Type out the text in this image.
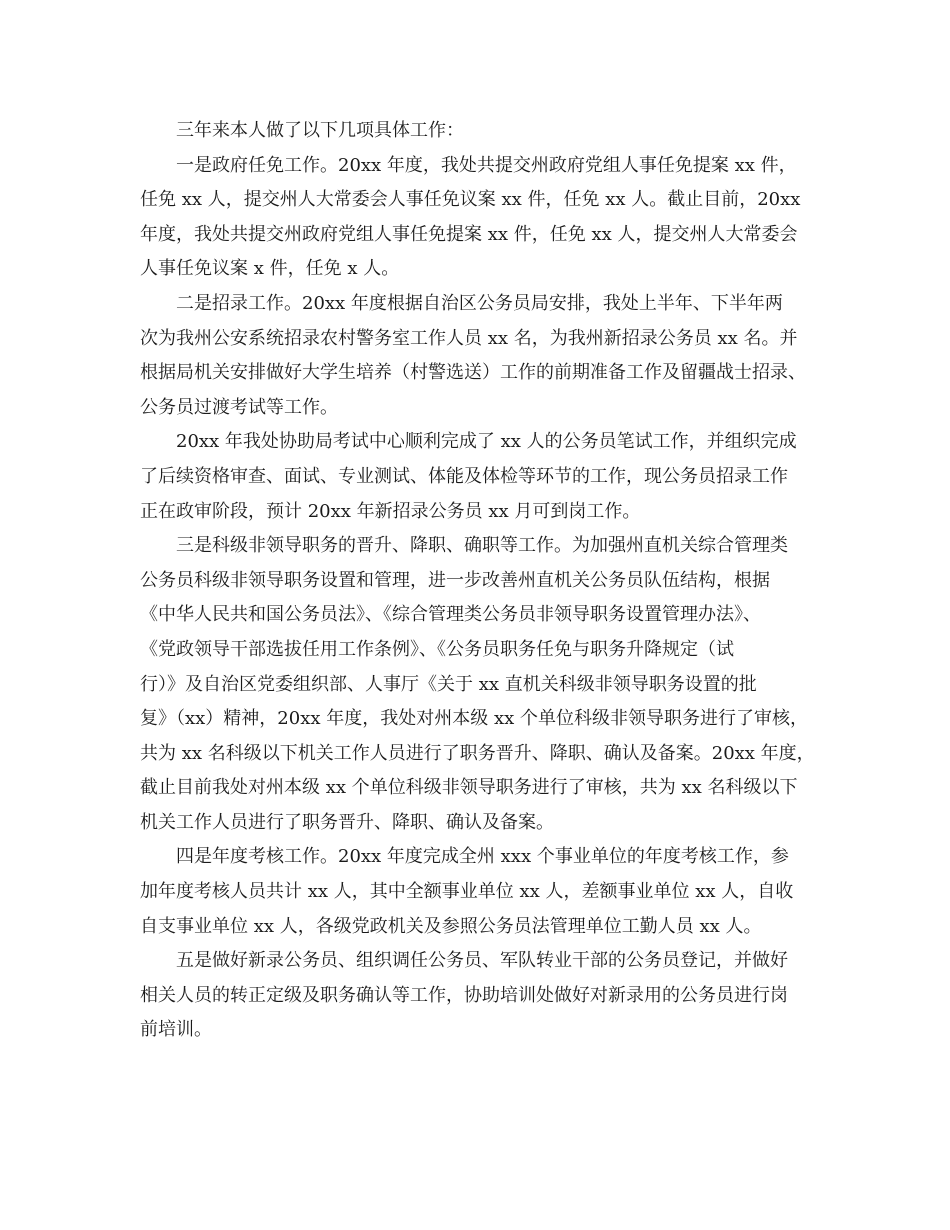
三年来本人做了以下几项具体工作：
一是政府任免工作。20xx 年度，我处共提交州政府党组人事任免提案 xx 件，
任免 xx 人，提交州人大常委会人事任免议案 xx 件，任免 xx 人。截止目前，20xx
年度，我处共提交州政府党组人事任免提案 xx 件，任免 xx 人，提交州人大常委会
人事任免议案 x 件，任免 x 人。
二是招录工作。20xx 年度根据自治区公务员局安排，我处上半年、下半年两
次为我州公安系统招录农村警务室工作人员 xx 名，为我州新招录公务员 xx 名。并
根据局机关安排做好大学生培养（村警选送）工作的前期准备工作及留疆战士招录、
公务员过渡考试等工作。
20xx 年我处协助局考试中心顺利完成了 xx 人的公务员笔试工作，并组织完成
了后续资格审查、面试、专业测试、体能及体检等环节的工作，现公务员招录工作
正在政审阶段，预计 20xx 年新招录公务员 xx 月可到岗工作。
三是科级非领导职务的晋升、降职、确职等工作。为加强州直机关综合管理类
公务员科级非领导职务设置和管理，进一步改善州直机关公务员队伍结构，根据
《中华人民共和国公务员法》、《综合管理类公务员非领导职务设置管理办法》、
《党政领导干部选拔任用工作条例》、《公务员职务任免与职务升降规定（试
行）》及自治区党委组织部、人事厅《关于 xx 直机关科级非领导职务设置的批
复》（xx）精神，20xx 年度，我处对州本级 xx 个单位科级非领导职务进行了审核，
共为 xx 名科级以下机关工作人员进行了职务晋升、降职、确认及备案。20xx 年度，
截止目前我处对州本级 xx 个单位科级非领导职务进行了审核，共为 xx 名科级以下
机关工作人员进行了职务晋升、降职、确认及备案。
四是年度考核工作。20xx 年度完成全州 xxx 个事业单位的年度考核工作，参
加年度考核人员共计 xx 人，其中全额事业单位 xx 人，差额事业单位 xx 人，自收
自支事业单位 xx 人，各级党政机关及参照公务员法管理单位工勤人员 xx 人。
五是做好新录公务员、组织调任公务员、军队转业干部的公务员登记，并做好
相关人员的转正定级及职务确认等工作，协助培训处做好对新录用的公务员进行岗
前培训。
